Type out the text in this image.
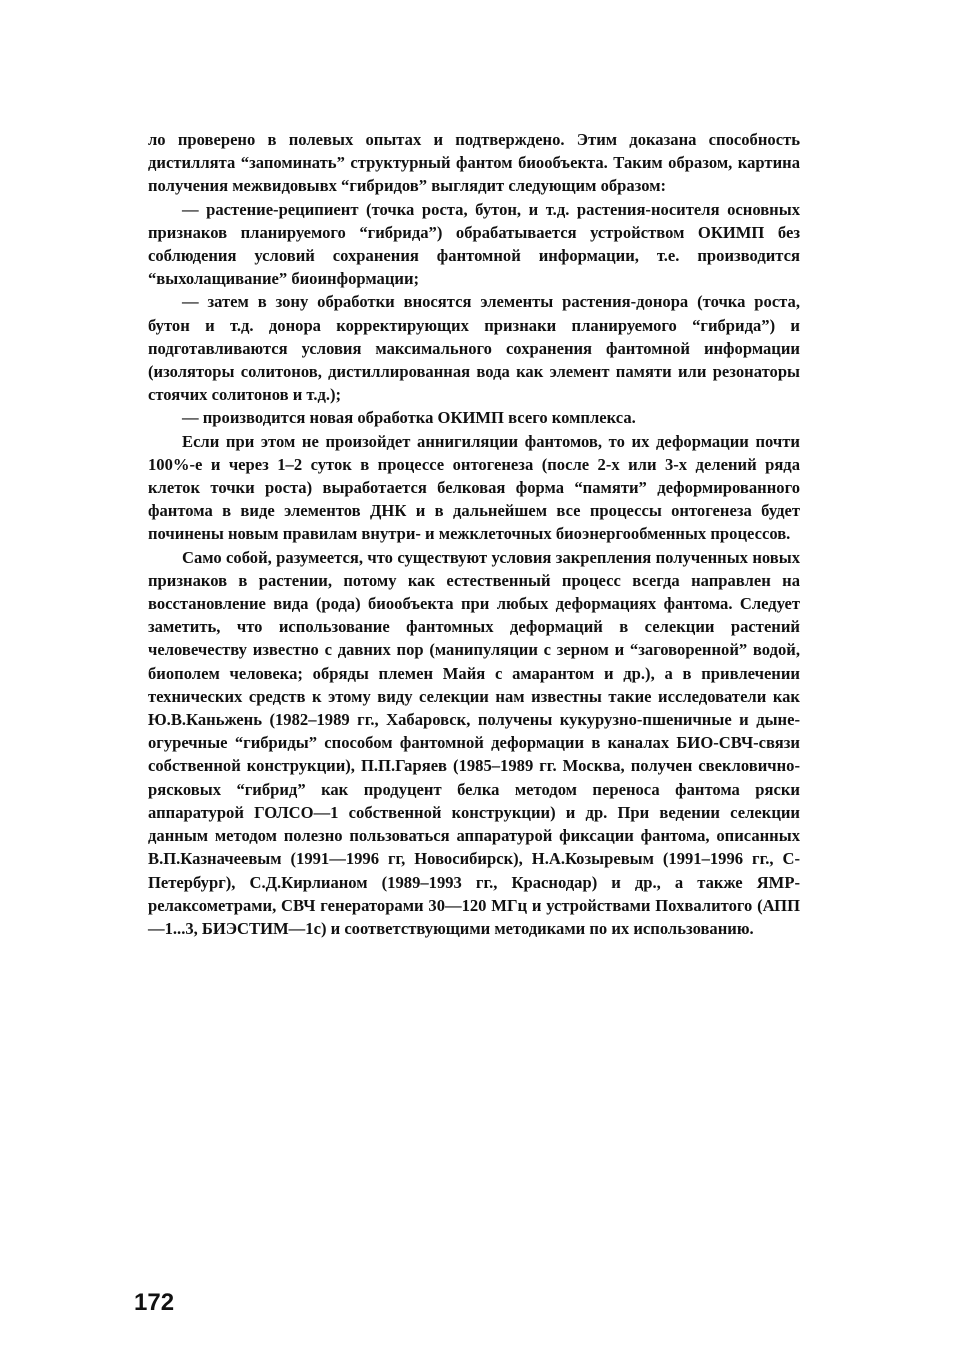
ло проверено в полевых опытах и подтверждено. Этим доказана способность дистиллята “запоминать” структурный фантом биообъекта. Таким образом, картина получения межвидовывх “гибридов” выглядит следующим образом:

— растение-реципиент (точка роста, бутон, и т.д. растения-носителя основных признаков планируемого “гибрида”) обрабатывается устройством ОКИМП без соблюдения условий сохранения фантомной информации, т.е. производится “выхолащивание” биоинформации;

— затем в зону обработки вносятся элементы растения-донора (точка роста, бутон и т.д. донора корректирующих признаки планируемого “гибрида”) и подготавливаются условия максимального сохранения фантомной информации (изоляторы солитонов, дистиллированная вода как элемент памяти или резонаторы стоячих солитонов и т.д.);

— производится новая обработка ОКИМП всего комплекса.

Если при этом не произойдет аннигиляции фантомов, то их деформации почти 100%-е и через 1–2 суток в процессе онтогенеза (после 2-х или 3-х делений ряда клеток точки роста) выработается белковая форма “памяти” деформированного фантома в виде элементов ДНК и в дальнейшем все процессы онтогенеза будет починены новым правилам внутри- и межклеточных биоэнергообменных процессов.

Само собой, разумеется, что существуют условия закрепления полученных новых признаков в растении, потому как естественный процесс всегда направлен на восстановление вида (рода) биообъекта при любых деформациях фантома. Следует заметить, что использование фантомных деформаций в селекции растений человечеству известно с давних пор (манипуляции с зерном и “заговоренной” водой, биополем человека; обряды племен Майя с амарантом и др.), а в привлечении технических средств к этому виду селекции нам известны такие исследователи как Ю.В.Каньжень (1982–1989 гг., Хабаровск, получены кукурузно-пшеничные и дыне-огуречные “гибриды” способом фантомной деформации в каналах БИО-СВЧ-связи собственной конструкции), П.П.Гаряев (1985–1989 гг. Москва, получен свекловично-рясковых “гибрид” как продуцент белка методом переноса фантома ряски аппаратурой ГОЛСО—1 собственной конструкции) и др. При ведении селекции данным методом полезно пользоваться аппаратурой фиксации фантома, описанных В.П.Казначеевым (1991—1996 гг, Новосибирск), Н.А.Козыревым (1991–1996 гг., С-Петербург), С.Д.Кирлианом (1989–1993 гг., Краснодар) и др., а также ЯМР-релаксометрами, СВЧ генераторами 30—120 МГц и устройствами Похвалитого (АПП—1...3, БИЭСТИМ—1с) и соответствующими методиками по их использованию.

172
